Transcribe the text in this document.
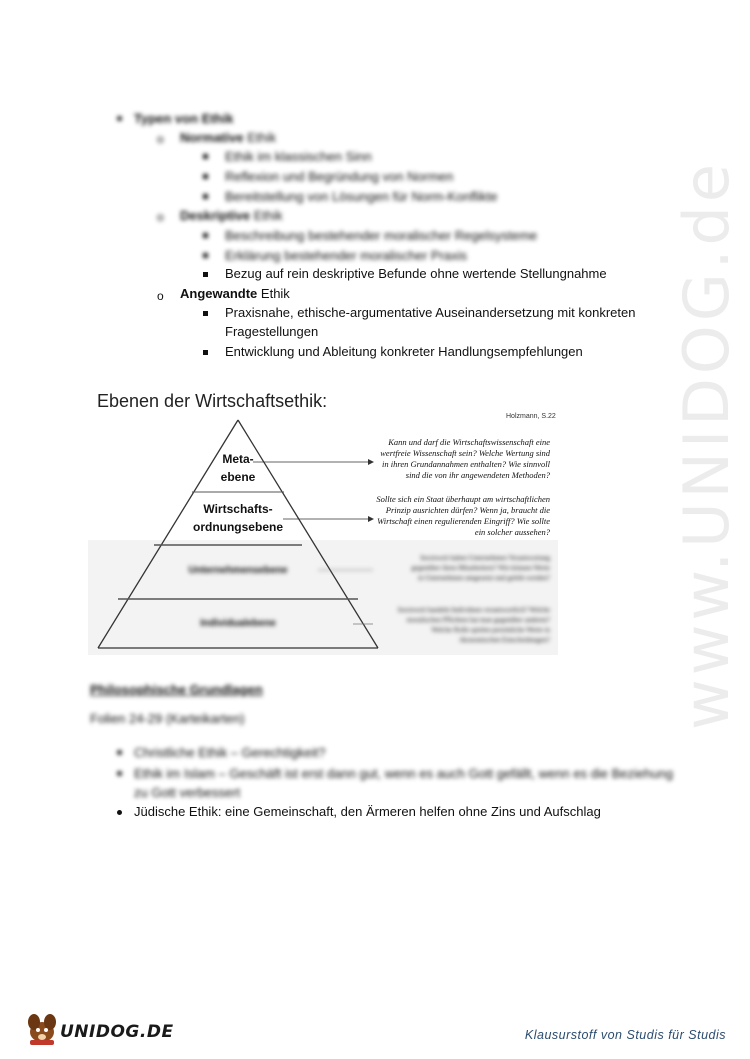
www.UNIDOG.de
Typen von Ethik
o Normative Ethik
Ethik im klassischen Sinn
Reflexion und Begründung von Normen
Bereitstellung von Lösungen für Norm-Konflikte
o Deskriptive Ethik
Beschreibung bestehender moralischer Regelsysteme
Erklärung bestehender moralischer Praxis
Bezug auf rein deskriptive Befunde ohne wertende Stellungnahme
o Angewandte Ethik
Praxisnahe, ethische-argumentative Auseinandersetzung mit konkreten
Fragestellungen
Entwicklung und Ableitung konkreter Handlungsempfehlungen
Ebenen der Wirtschaftsethik:
Holzmann, S.22
Meta-
ebene
Wirtschafts-
ordnungsebene
Unternehmensebene
Individualebene
Kann und darf die Wirtschaftswissenschaft eine
wertfreie Wissenschaft sein? Welche Wertung sind
in ihren Grundannahmen enthalten? Wie sinnvoll
sind die von ihr angewendeten Methoden?
Sollte sich ein Staat überhaupt am wirtschaftlichen
Prinzip ausrichten dürfen? Wenn ja, braucht die
Wirtschaft einen regulierenden Eingriff? Wie sollte
ein solcher aussehen?
Inwieweit haben Unternehmen Verantwortung
gegenüber ihren Mitarbeitern? Wie können Werte
in Unternehmen umgesetzt und gelebt werden?
Inwieweit handeln Individuen verantwortlich? Welche
moralischen Pflichten hat man gegenüber anderen?
Welche Rolle spielen persönliche Werte in
ökonomischen Entscheidungen?
Philosophische Grundlagen
Folien 24-29 (Karteikarten)
Christliche Ethik – Gerechtigkeit?
Ethik im Islam – Geschäft ist erst dann gut, wenn es auch Gott gefällt, wenn es die Beziehung
zu Gott verbessert
Jüdische Ethik: eine Gemeinschaft, den Ärmeren helfen ohne Zins und Aufschlag
UNIDOG.DE	Klausurstoff von Studis für Studis
